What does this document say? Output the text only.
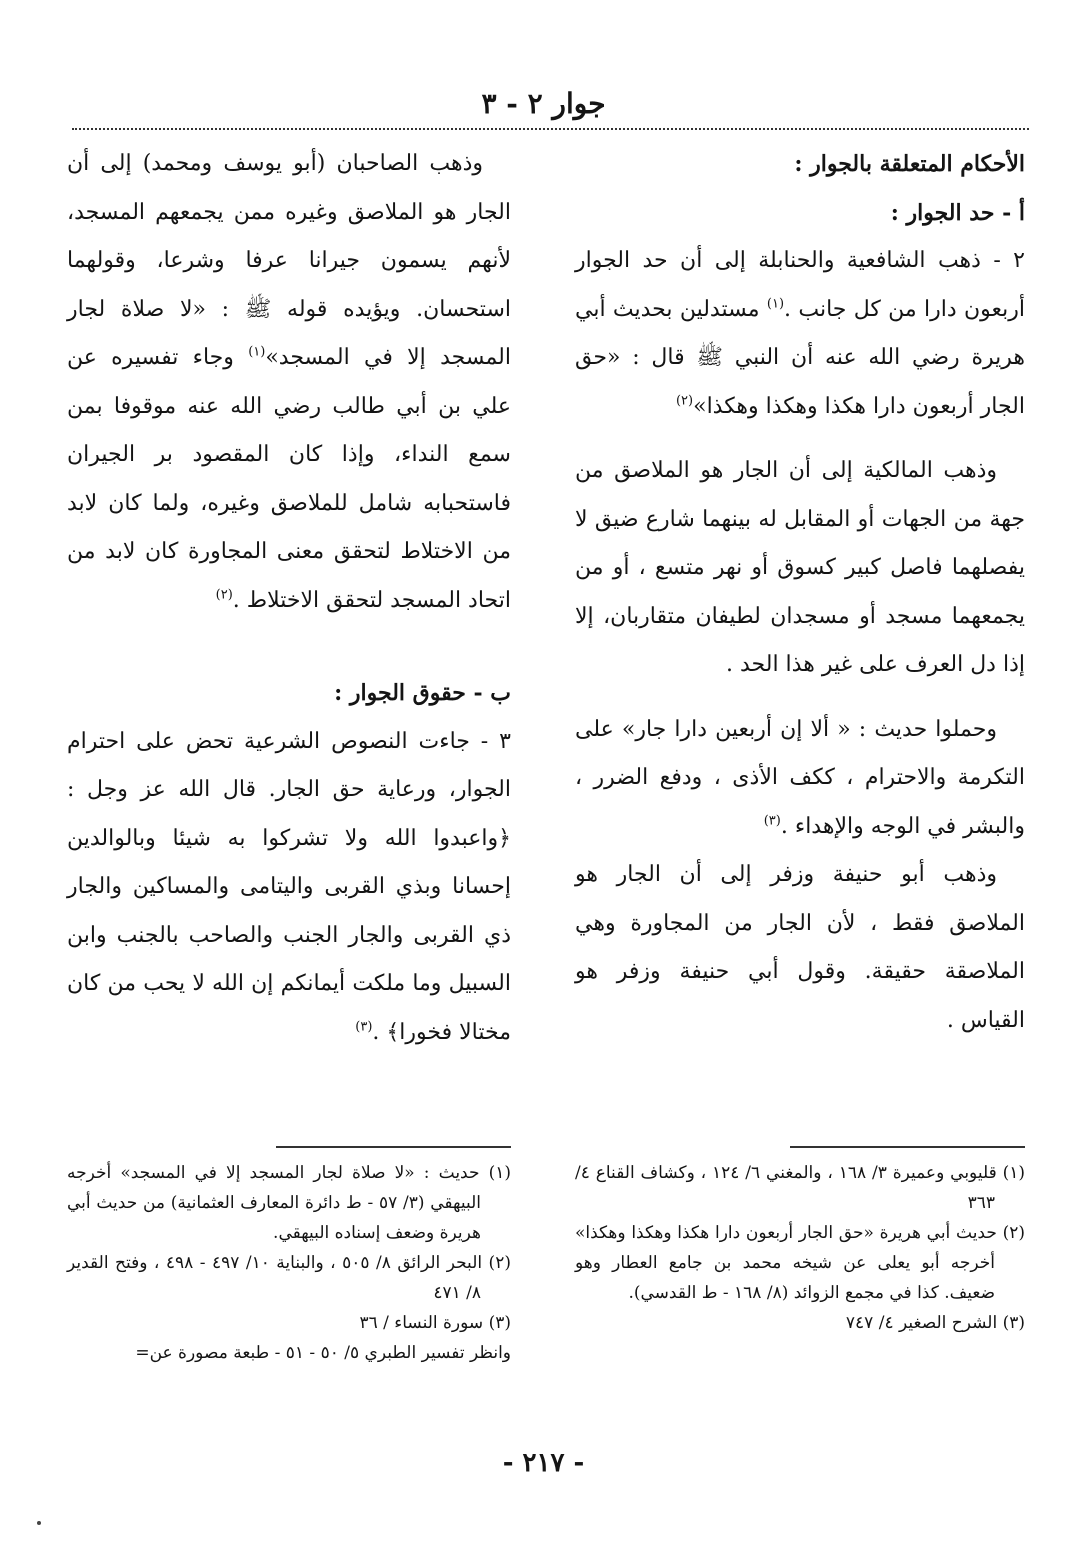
جوار ٢ - ٣

الأحكام المتعلقة بالجوار :

أ - حد الجوار :

٢ - ذهب الشافعية والحنابلة إلى أن حد الجوار أربعون دارا من كل جانب .$^{(١)}$ مستدلين بحديث أبي هريرة رضي الله عنه أن النبي ﷺ قال : «حق الجار أربعون دارا هكذا وهكذا وهكذا»$^{(٢)}$

وذهب المالكية إلى أن الجار هو الملاصق من جهة من الجهات أو المقابل له بينهما شارع ضيق لا يفصلهما فاصل كبير كسوق أو نهر متسع ، أو من يجمعهما مسجد أو مسجدان لطيفان متقاربان، إلا إذا دل العرف على غير هذا الحد .

وحملوا حديث : « ألا إن أربعين دارا جار» على التكرمة والاحترام ، ككف الأذى ، ودفع الضرر ، والبشر في الوجه والإهداء .$^{(٣)}$

وذهب أبو حنيفة وزفر إلى أن الجار هو الملاصق فقط ، لأن الجار من المجاورة وهي الملاصقة حقيقة. وقول أبي حنيفة وزفر هو القياس .

وذهب الصاحبان (أبو يوسف ومحمد) إلى أن الجار هو الملاصق وغيره ممن يجمعهم المسجد، لأنهم يسمون جيرانا عرفا وشرعا، وقولهما استحسان. ويؤيده قوله ﷺ : «لا صلاة لجار المسجد إلا في المسجد»$^{(١)}$ وجاء تفسيره عن علي بن أبي طالب رضي الله عنه موقوفا بمن سمع النداء، وإذا كان المقصود بر الجيران فاستحبابه شامل للملاصق وغيره، ولما كان لابد من الاختلاط لتحقق معنى المجاورة كان لابد من اتحاد المسجد لتحقق الاختلاط .$^{(٢)}$

ب - حقوق الجوار :

٣ - جاءت النصوص الشرعية تحض على احترام الجوار، ورعاية حق الجار. قال الله عز وجل : ﴿واعبدوا الله ولا تشركوا به شيئا وبالوالدين إحسانا وبذي القربى واليتامى والمساكين والجار ذي القربى والجار الجنب والصاحب بالجنب وابن السبيل وما ملكت أيمانكم إن الله لا يحب من كان مختالا فخورا﴾ .$^{(٣)}$

(١) قليوبي وعميرة ٣/ ١٦٨ ، والمغني ٦/ ١٢٤ ، وكشاف القناع ٤/ ٣٦٣

(٢) حديث أبي هريرة «حق الجار أربعون دارا هكذا وهكذا وهكذا» أخرجه أبو يعلى عن شيخه محمد بن جامع العطار وهو ضعيف. كذا في مجمع الزوائد (٨/ ١٦٨ - ط القدسي).

(٣) الشرح الصغير ٤/ ٧٤٧

(١) حديث : «لا صلاة لجار المسجد إلا في المسجد» أخرجه البيهقي (٣/ ٥٧ - ط دائرة المعارف العثمانية) من حديث أبي هريرة وضعف إسناده البيهقي.

(٢) البحر الرائق ٨/ ٥٠٥ ، والبناية ١٠/ ٤٩٧ - ٤٩٨ ، وفتح القدير ٨/ ٤٧١

(٣) سورة النساء / ٣٦

وانظر تفسير الطبري ٥/ ٥٠ - ٥١ - طبعة مصورة عن=

- ٢١٧ -
